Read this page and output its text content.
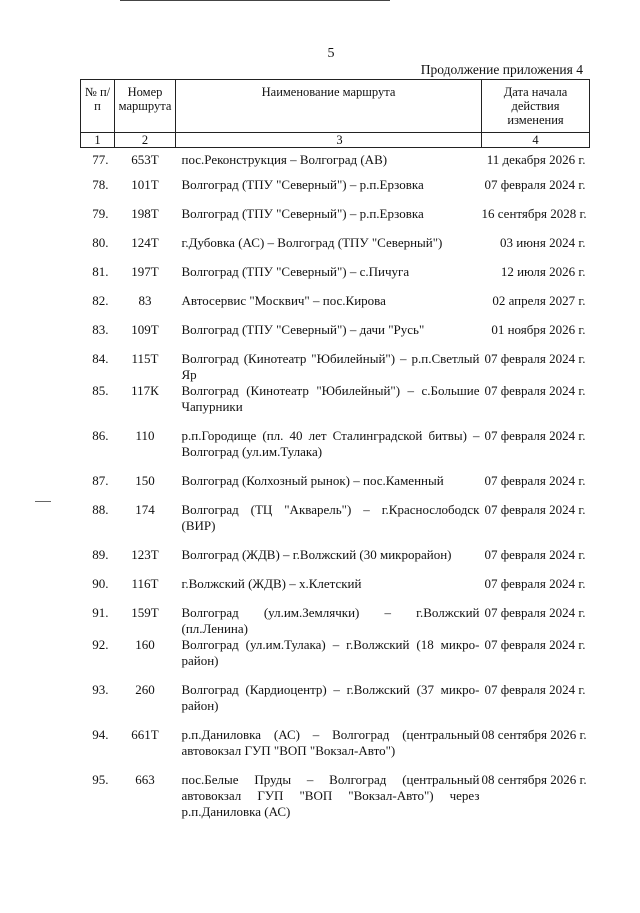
5
Продолжение приложения 4
№ п/п	Номер маршрута	Наименование маршрута	Дата начала действия изменения
1	2	3	4
77.	653Т	пос.Реконструкция – Волгоград (АВ)	11 декабря 2026 г.
78.	101Т	Волгоград (ТПУ "Северный") – р.п.Ерзовка	07 февраля 2024 г.
79.	198Т	Волгоград (ТПУ "Северный") – р.п.Ерзовка	16 сентября 2028 г.
80.	124Т	г.Дубовка (АС) – Волгоград (ТПУ "Северный")	03 июня 2024 г.
81.	197Т	Волгоград (ТПУ "Северный") – с.Пичуга	12 июля 2026 г.
82.	83	Автосервис "Москвич" – пос.Кирова	02 апреля 2027 г.
83.	109Т	Волгоград (ТПУ "Северный") – дачи "Русь"	01 ноября 2026 г.
84.	115Т	Волгоград (Кинотеатр "Юбилейный") – р.п.Светлый Яр	07 февраля 2024 г.
85.	117К	Волгоград (Кинотеатр "Юбилейный") – с.Большие Чапурники	07 февраля 2024 г.
86.	110	р.п.Городище (пл. 40 лет Сталинградской битвы) – Волгоград (ул.им.Тулака)	07 февраля 2024 г.
87.	150	Волгоград (Колхозный рынок) – пос.Каменный	07 февраля 2024 г.
88.	174	Волгоград (ТЦ "Акварель") – г.Краснослободск (ВИР)	07 февраля 2024 г.
89.	123Т	Волгоград (ЖДВ) – г.Волжский (30 микрорайон)	07 февраля 2024 г.
90.	116Т	г.Волжский (ЖДВ) – х.Клетский	07 февраля 2024 г.
91.	159Т	Волгоград (ул.им.Землячки) – г.Волжский (пл.Ленина)	07 февраля 2024 г.
92.	160	Волгоград (ул.им.Тулака) – г.Волжский (18 микро-район)	07 февраля 2024 г.
93.	260	Волгоград (Кардиоцентр) – г.Волжский (37 микро-район)	07 февраля 2024 г.
94.	661Т	р.п.Даниловка (АС) – Волгоград (центральный автовокзал ГУП "ВОП "Вокзал-Авто")	08 сентября 2026 г.
95.	663	пос.Белые Пруды – Волгоград (центральный автовокзал ГУП "ВОП "Вокзал-Авто") через р.п.Даниловка (АС)	08 сентября 2026 г.
